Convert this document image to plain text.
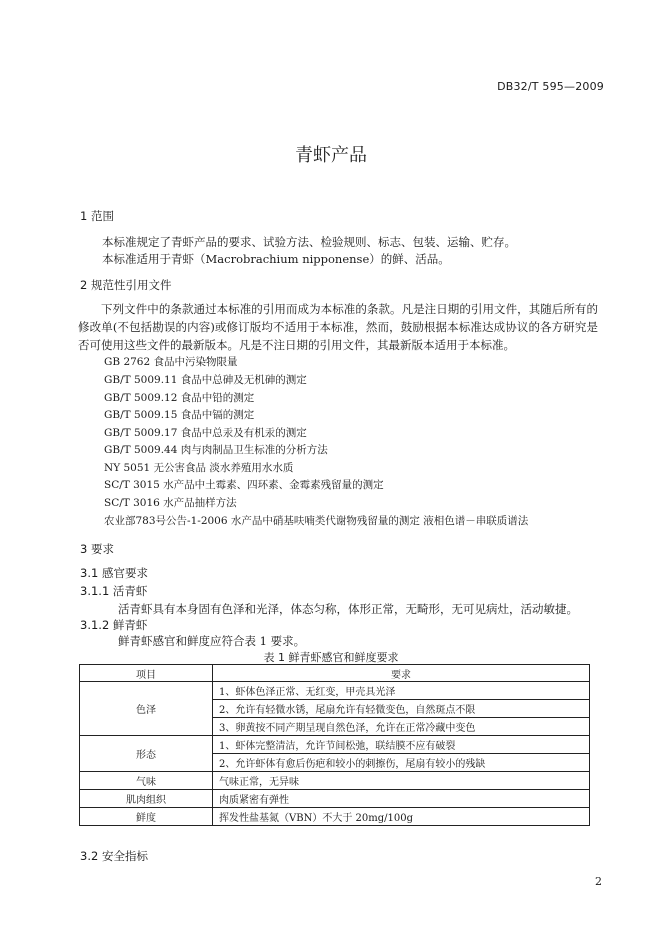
DB32/T 595—2009
青虾产品
1 范围
本标准规定了青虾产品的要求、试验方法、检验规则、标志、包装、运输、贮存。
本标准适用于青虾（Macrobrachium nipponense）的鲜、活品。
2 规范性引用文件
下列文件中的条款通过本标准的引用而成为本标准的条款。凡是注日期的引用文件，其随后所有的修改单(不包括勘误的内容)或修订版均不适用于本标准，然而，鼓励根据本标准达成协议的各方研究是否可使用这些文件的最新版本。凡是不注日期的引用文件，其最新版本适用于本标准。
GB 2762 食品中污染物限量
GB/T 5009.11 食品中总砷及无机砷的测定
GB/T 5009.12 食品中铅的测定
GB/T 5009.15 食品中镉的测定
GB/T 5009.17 食品中总汞及有机汞的测定
GB/T 5009.44 肉与肉制品卫生标准的分析方法
NY 5051 无公害食品 淡水养殖用水水质
SC/T 3015 水产品中土霉素、四环素、金霉素残留量的测定
SC/T 3016 水产品抽样方法
农业部783号公告-1-2006 水产品中硝基呋喃类代谢物残留量的测定 液相色谱－串联质谱法
3 要求
3.1 感官要求
3.1.1 活青虾
活青虾具有本身固有色泽和光泽，体态匀称，体形正常，无畸形，无可见病灶，活动敏捷。
3.1.2 鲜青虾
鲜青虾感官和鲜度应符合表 1 要求。
表 1 鲜青虾感官和鲜度要求
项目	要求
色泽	1、虾体色泽正常、无红变，甲壳具光泽
	2、允许有轻微水锈，尾扇允许有轻微变色，自然斑点不限
	3、卵黄按不同产期呈现自然色泽，允许在正常冷藏中变色
形态	1、虾体完整清洁，允许节间松弛，联结膜不应有破裂
	2、允许虾体有愈后伤疤和较小的刺擦伤，尾扇有较小的残缺
气味	气味正常，无异味
肌肉组织	肉质紧密有弹性
鲜度	挥发性盐基氮（VBN）不大于 20mg/100g
3.2 安全指标
2
